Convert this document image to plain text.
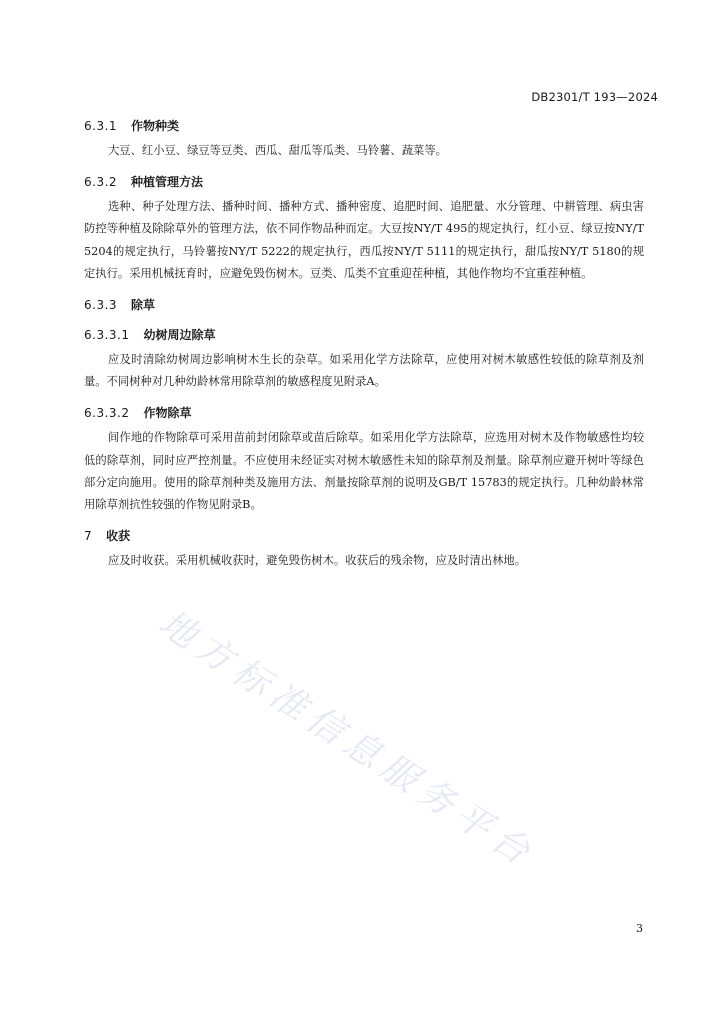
DB2301/T 193—2024
6.3.1 作物种类

大豆、红小豆、绿豆等豆类、西瓜、甜瓜等瓜类、马铃薯、蔬菜等。

6.3.2 种植管理方法

选种、种子处理方法、播种时间、播种方式、播种密度、追肥时间、追肥量、水分管理、中耕管理、病虫害防控等种植及除除草外的管理方法，依不同作物品种而定。大豆按NY/T 495的规定执行，红小豆、绿豆按NY/T 5204的规定执行，马铃薯按NY/T 5222的规定执行，西瓜按NY/T 5111的规定执行，甜瓜按NY/T 5180的规定执行。采用机械抚育时，应避免毁伤树木。豆类、瓜类不宜重迎茬种植，其他作物均不宜重茬种植。

6.3.3 除草
6.3.3.1 幼树周边除草

应及时清除幼树周边影响树木生长的杂草。如采用化学方法除草，应使用对树木敏感性较低的除草剂及剂量。不同树种对几种幼龄林常用除草剂的敏感程度见附录A。

6.3.3.2 作物除草

间作地的作物除草可采用苗前封闭除草或苗后除草。如采用化学方法除草，应选用对树木及作物敏感性均较低的除草剂，同时应严控剂量。不应使用未经证实对树木敏感性未知的除草剂及剂量。除草剂应避开树叶等绿色部分定向施用。使用的除草剂种类及施用方法、剂量按除草剂的说明及GB/T 15783的规定执行。几种幼龄林常用除草剂抗性较强的作物见附录B。

7 收获

应及时收获。采用机械收获时，避免毁伤树木。收获后的残余物，应及时清出林地。

地方标准信息服务平台
3
